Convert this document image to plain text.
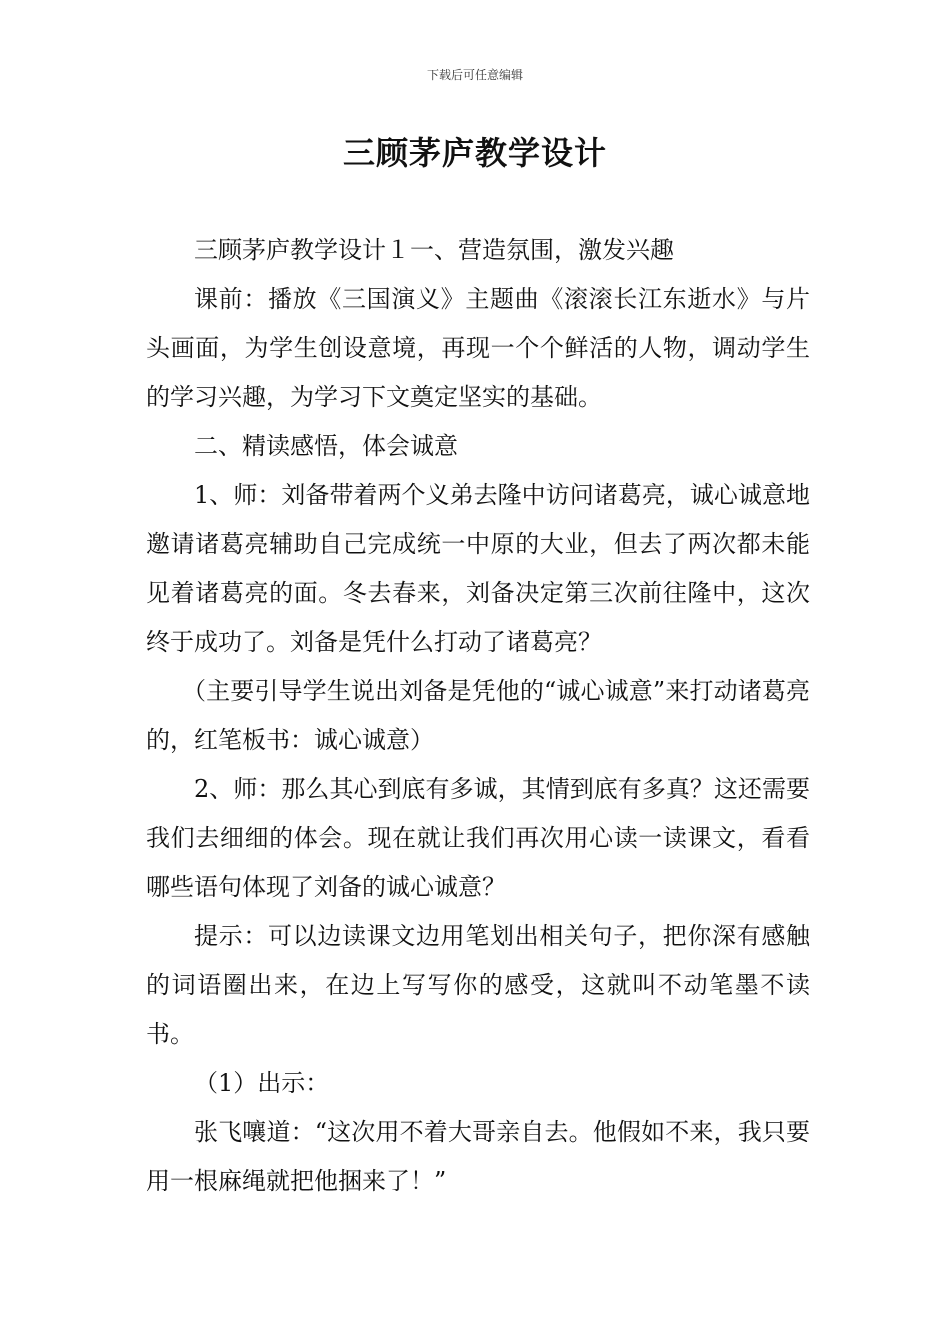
下载后可任意编辑
三顾茅庐教学设计

三顾茅庐教学设计１一、营造氛围，激发兴趣

课前：播放《三国演义》主题曲《滚滚长江东逝水》与片头画面，为学生创设意境，再现一个个鲜活的人物，调动学生的学习兴趣，为学习下文奠定坚实的基础。

二、精读感悟，体会诚意

1、师：刘备带着两个义弟去隆中访问诸葛亮，诚心诚意地邀请诸葛亮辅助自己完成统一中原的大业，但去了两次都未能见着诸葛亮的面。冬去春来，刘备决定第三次前往隆中，这次终于成功了。刘备是凭什么打动了诸葛亮？

（主要引导学生说出刘备是凭他的“诚心诚意”来打动诸葛亮的，红笔板书：诚心诚意）

2、师：那么其心到底有多诚，其情到底有多真？这还需要我们去细细的体会。现在就让我们再次用心读一读课文，看看哪些语句体现了刘备的诚心诚意？

提示：可以边读课文边用笔划出相关句子，把你深有感触的词语圈出来，在边上写写你的感受，这就叫不动笔墨不读书。

（1）出示：

张飞嚷道：“这次用不着大哥亲自去。他假如不来，我只要用一根麻绳就把他捆来了！”
